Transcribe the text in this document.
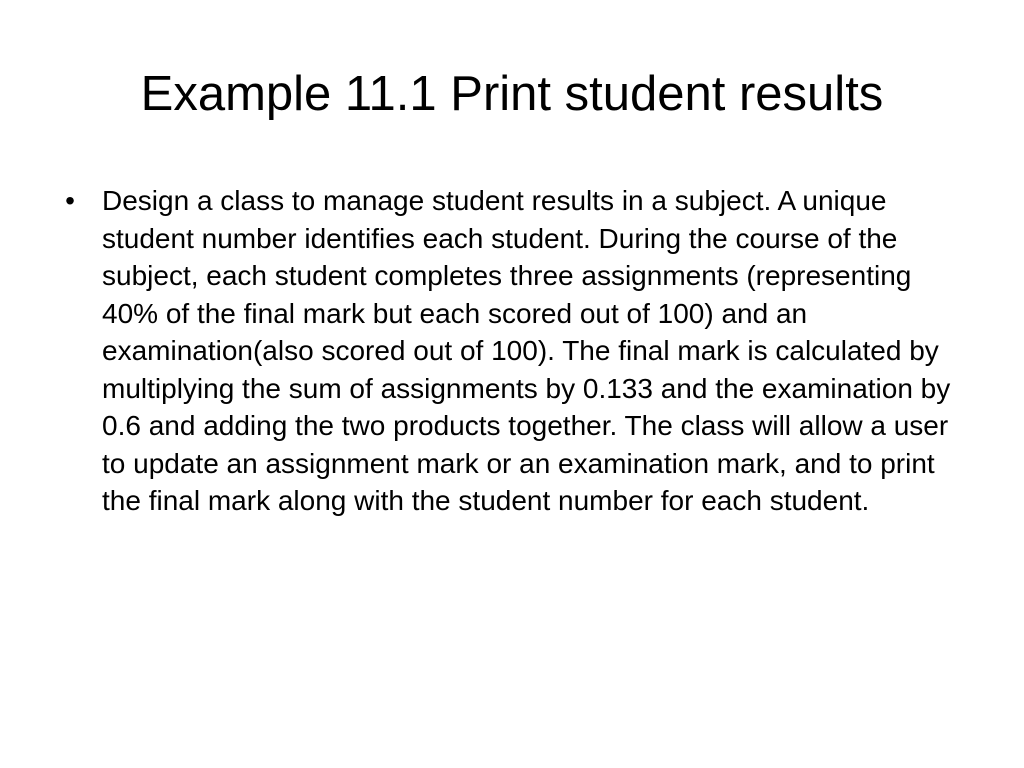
Example 11.1 Print student results
• Design a class to manage student results in a subject. A unique student number identifies each student. During the course of the subject, each student completes three assignments (representing 40% of the final mark but each scored out of 100) and an examination(also scored out of 100). The final mark is calculated by multiplying the sum of assignments by 0.133 and the examination by 0.6 and adding the two products together. The class will allow a user to update an assignment mark or an examination mark, and to print the final mark along with the student number for each student.
